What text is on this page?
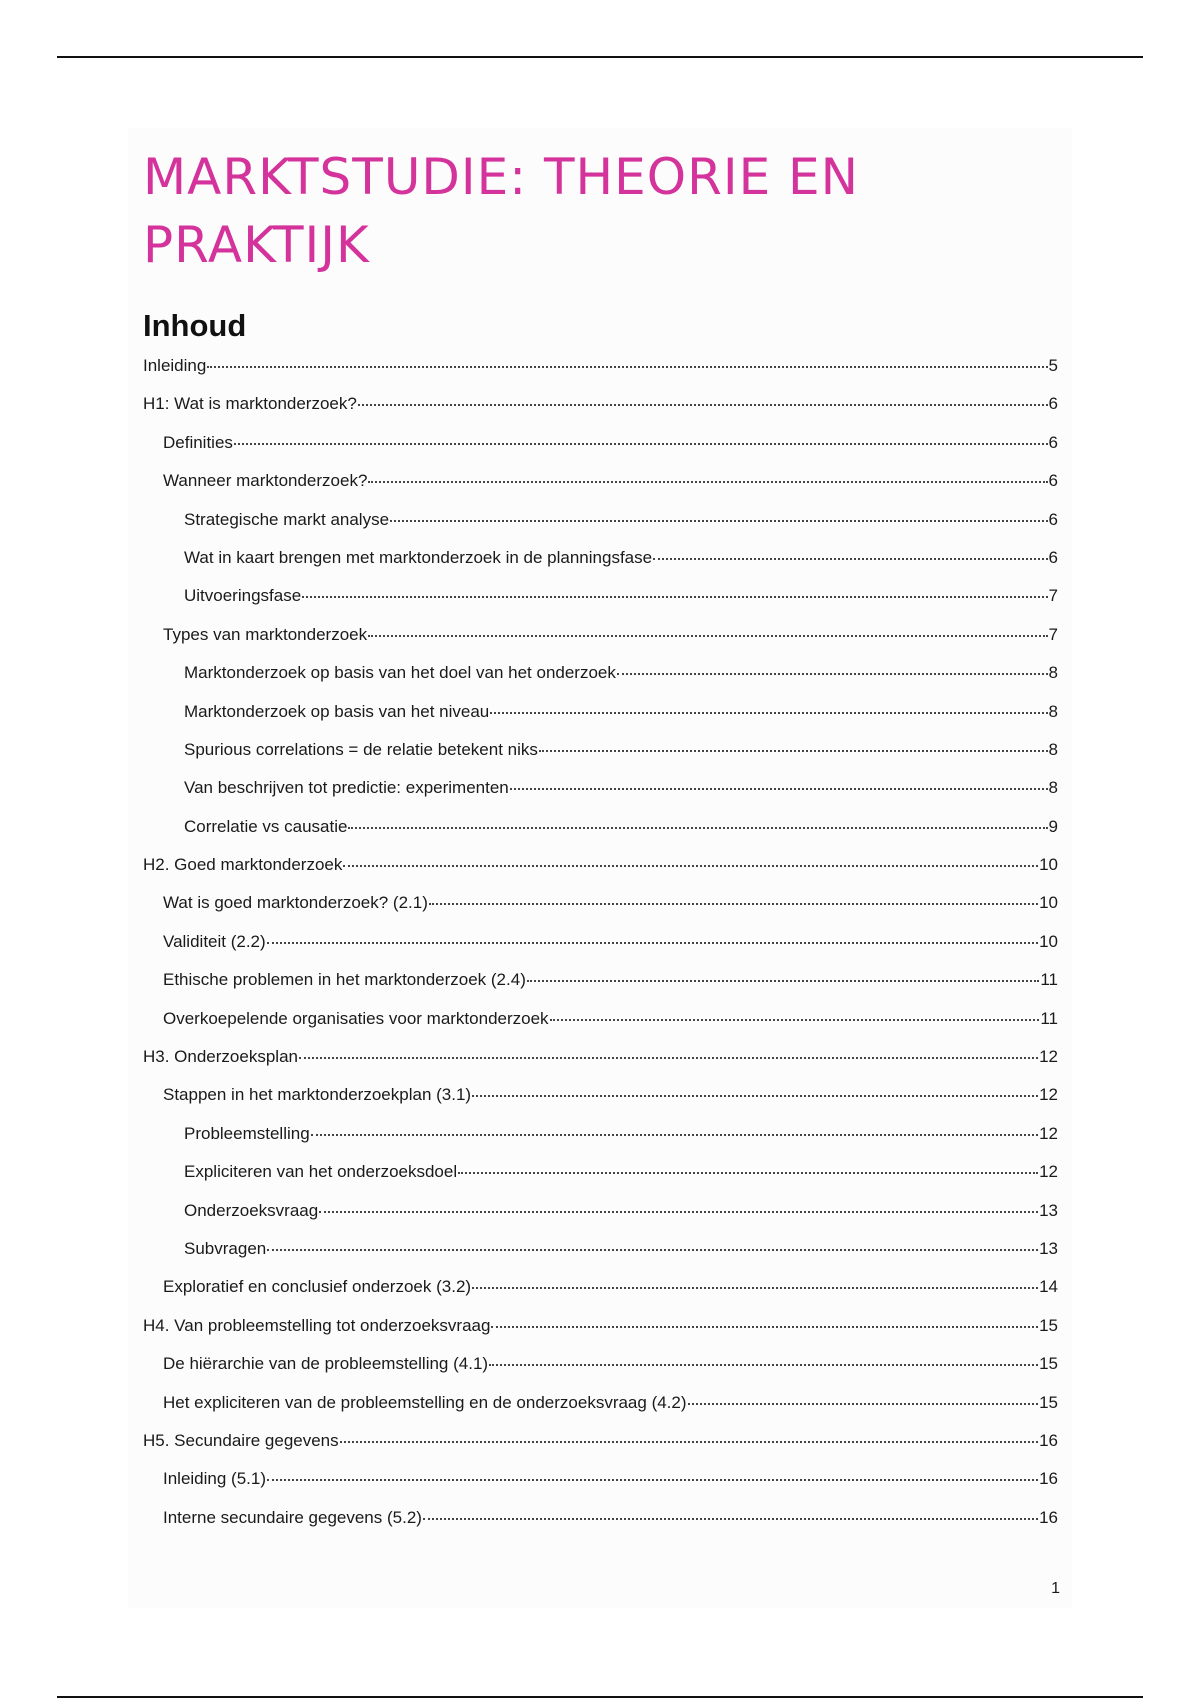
MARKTSTUDIE: THEORIE EN PRAKTIJK
Inhoud
Inleiding	5
H1: Wat is marktonderzoek?	6
Definities	6
Wanneer marktonderzoek?	6
Strategische markt analyse	6
Wat in kaart brengen met marktonderzoek in de planningsfase	6
Uitvoeringsfase	7
Types van marktonderzoek	7
Marktonderzoek op basis van het doel van het onderzoek	8
Marktonderzoek op basis van het niveau	8
Spurious correlations = de relatie betekent niks	8
Van beschrijven tot predictie: experimenten	8
Correlatie vs causatie	9
H2. Goed marktonderzoek	10
Wat is goed marktonderzoek? (2.1)	10
Validiteit (2.2)	10
Ethische problemen in het marktonderzoek (2.4)	11
Overkoepelende organisaties voor marktonderzoek	11
H3. Onderzoeksplan	12
Stappen in het marktonderzoekplan (3.1)	12
Probleemstelling	12
Expliciteren van het onderzoeksdoel	12
Onderzoeksvraag	13
Subvragen	13
Exploratief en conclusief onderzoek (3.2)	14
H4. Van probleemstelling tot onderzoeksvraag	15
De hiërarchie van de probleemstelling (4.1)	15
Het expliciteren van de probleemstelling en de onderzoeksvraag (4.2)	15
H5. Secundaire gegevens	16
Inleiding (5.1)	16
Interne secundaire gegevens (5.2)	16
1
